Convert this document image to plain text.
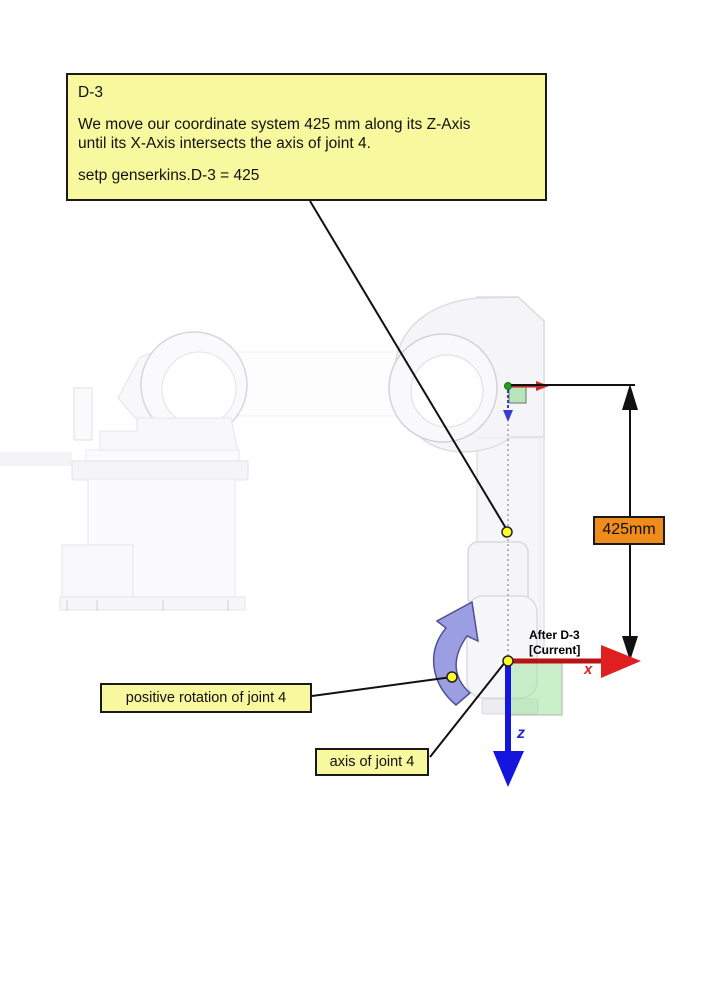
D-3
We move our coordinate system 425 mm along its Z-Axis
until its X-Axis intersects the axis of joint 4.
setp genserkins.D-3 = 425
425mm
After D-3
[Current]
x
z
positive rotation of joint 4
axis of joint 4
